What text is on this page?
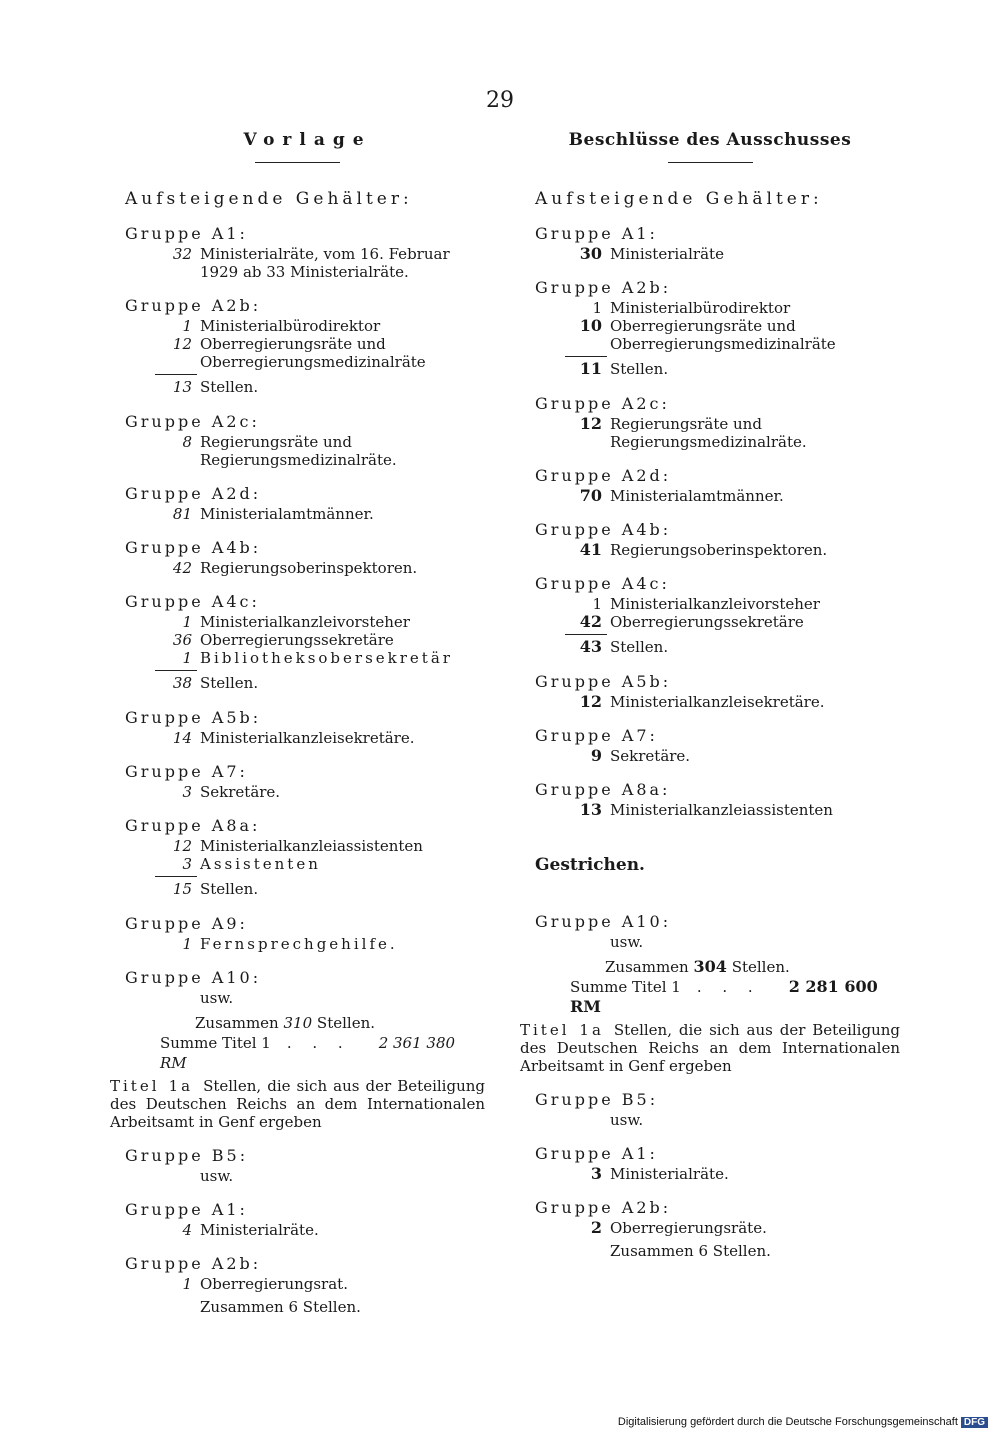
29
Vorlage
Aufsteigende Gehälter:
Gruppe A1:
32 Ministerialräte, vom 16. Februar
1929 ab 33 Ministerialräte.
Gruppe A2b:
1 Ministerialbürodirektor
12 Oberregierungsräte und Oberregierungsmedizinalräte
13 Stellen.
Gruppe A2c:
8 Regierungsräte und Regierungsmedizinalräte.
Gruppe A2d:
81 Ministerialamtmänner.
Gruppe A4b:
42 Regierungsoberinspektoren.
Gruppe A4c:
1 Ministerialkanzleivorsteher
36 Oberregierungssekretäre
1 Bibliotheksobersekretär
38 Stellen.
Gruppe A5b:
14 Ministerialkanzleisekretäre.
Gruppe A7:
3 Sekretäre.
Gruppe A8a:
12 Ministerialkanzleiassistenten
3 Assistenten
15 Stellen.
Gruppe A9:
1 Fernsprechgehilfe.
Gruppe A10:
usw.
Zusammen 310 Stellen.
Summe Titel 1 . . . 2 361 380 RM
Titel 1a Stellen, die sich aus der Beteiligung des Deutschen Reichs an dem Internationalen Arbeitsamt in Genf ergeben
Gruppe B5:
usw.
Gruppe A1:
4 Ministerialräte.
Gruppe A2b:
1 Oberregierungsrat.
Zusammen 6 Stellen.
Beschlüsse des Ausschusses
Aufsteigende Gehälter:
Gruppe A1:
30 Ministerialräte
Gruppe A2b:
1 Ministerialbürodirektor
10 Oberregierungsräte und Oberregierungsmedizinalräte
11 Stellen.
Gruppe A2c:
12 Regierungsräte und Regierungsmedizinalräte.
Gruppe A2d:
70 Ministerialamtmänner.
Gruppe A4b:
41 Regierungsoberinspektoren.
Gruppe A4c:
1 Ministerialkanzleivorsteher
42 Oberregierungssekretäre
43 Stellen.
Gruppe A5b:
12 Ministerialkanzleisekretäre.
Gruppe A7:
9 Sekretäre.
Gruppe A8a:
13 Ministerialkanzleiassistenten
Gestrichen.
Gruppe A10:
usw.
Zusammen 304 Stellen.
Summe Titel 1 . . . 2 281 600 RM
Titel 1a Stellen, die sich aus der Beteiligung des Deutschen Reichs an dem Internationalen Arbeitsamt in Genf ergeben
Gruppe B5:
usw.
Gruppe A1:
3 Ministerialräte.
Gruppe A2b:
2 Oberregierungsräte.
Zusammen 6 Stellen.
Digitalisierung gefördert durch die Deutsche Forschungsgemeinschaft DFG
